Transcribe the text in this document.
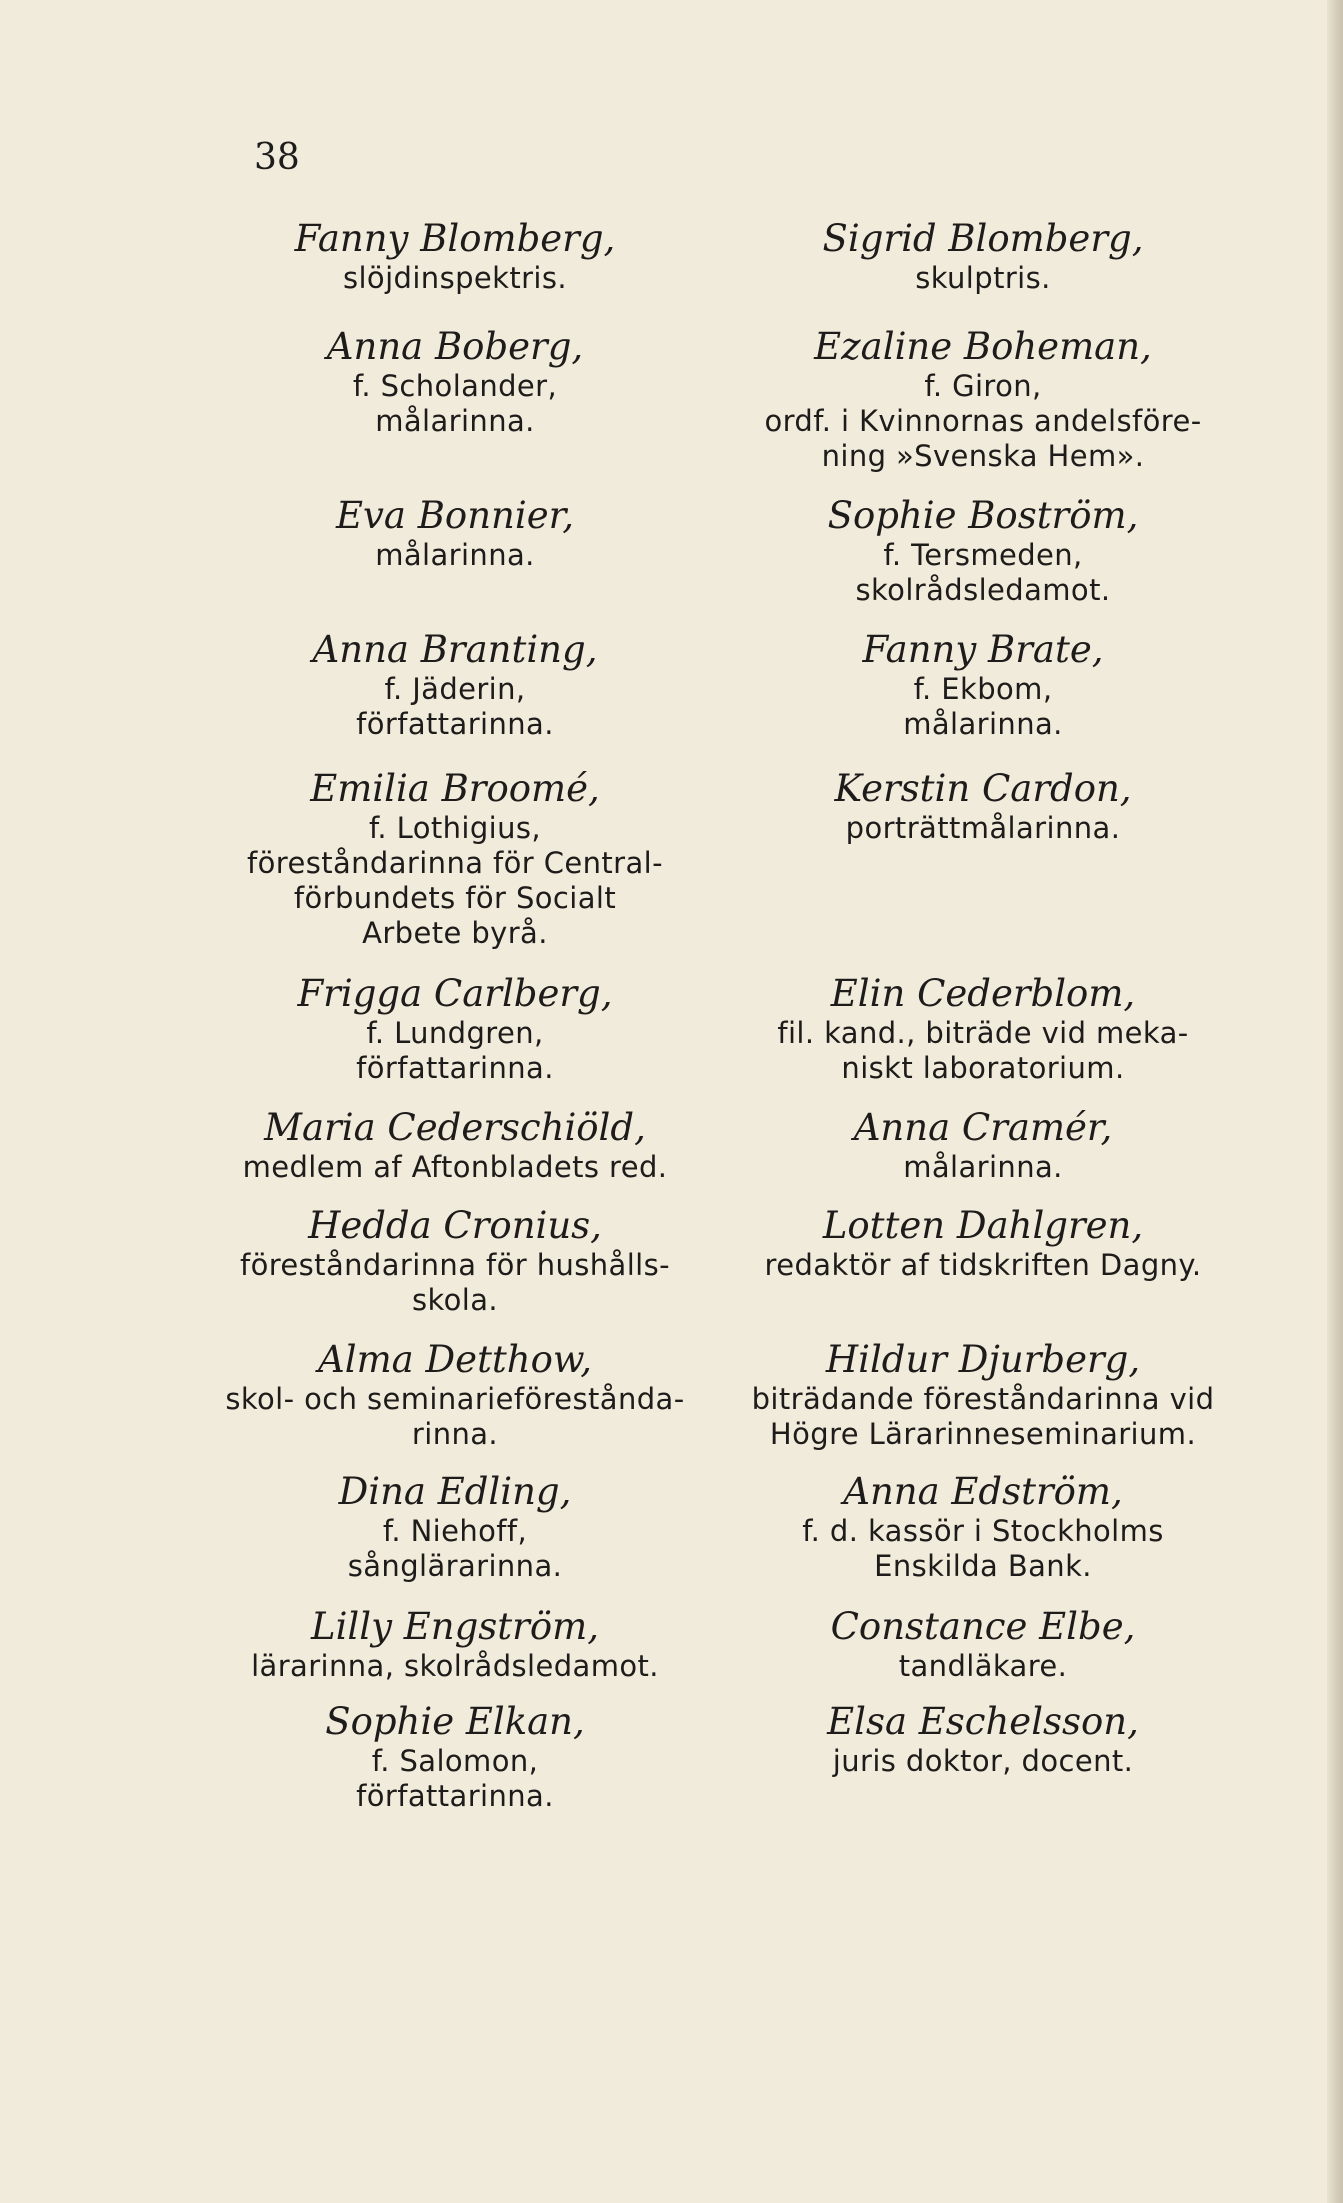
38
Fanny Blomberg,
slöjdinspektris.
Anna Boberg,
f. Scholander,
målarinna.
Eva Bonnier,
målarinna.
Anna Branting,
f. Jäderin,
författarinna.
Emilia Broomé,
f. Lothigius,
föreståndarinna för Central-
förbundets för Socialt
Arbete byrå.
Frigga Carlberg,
f. Lundgren,
författarinna.
Maria Cederschiöld,
medlem af Aftonbladets red.
Hedda Cronius,
föreståndarinna för hushålls-
skola.
Alma Detthow,
skol- och seminarieförestånda-
rinna.
Dina Edling,
f. Niehoff,
sånglärarinna.
Lilly Engström,
lärarinna, skolrådsledamot.
Sophie Elkan,
f. Salomon,
författarinna.
Sigrid Blomberg,
skulptris.
Ezaline Boheman,
f. Giron,
ordf. i Kvinnornas andelsföre-
ning »Svenska Hem».
Sophie Boström,
f. Tersmeden,
skolrådsledamot.
Fanny Brate,
f. Ekbom,
målarinna.
Kerstin Cardon,
porträttmålarinna.
Elin Cederblom,
fil. kand., biträde vid meka-
niskt laboratorium.
Anna Cramér,
målarinna.
Lotten Dahlgren,
redaktör af tidskriften Dagny.
Hildur Djurberg,
biträdande föreståndarinna vid
Högre Lärarinneseminarium.
Anna Edström,
f. d. kassör i Stockholms
Enskilda Bank.
Constance Elbe,
tandläkare.
Elsa Eschelsson,
juris doktor, docent.
